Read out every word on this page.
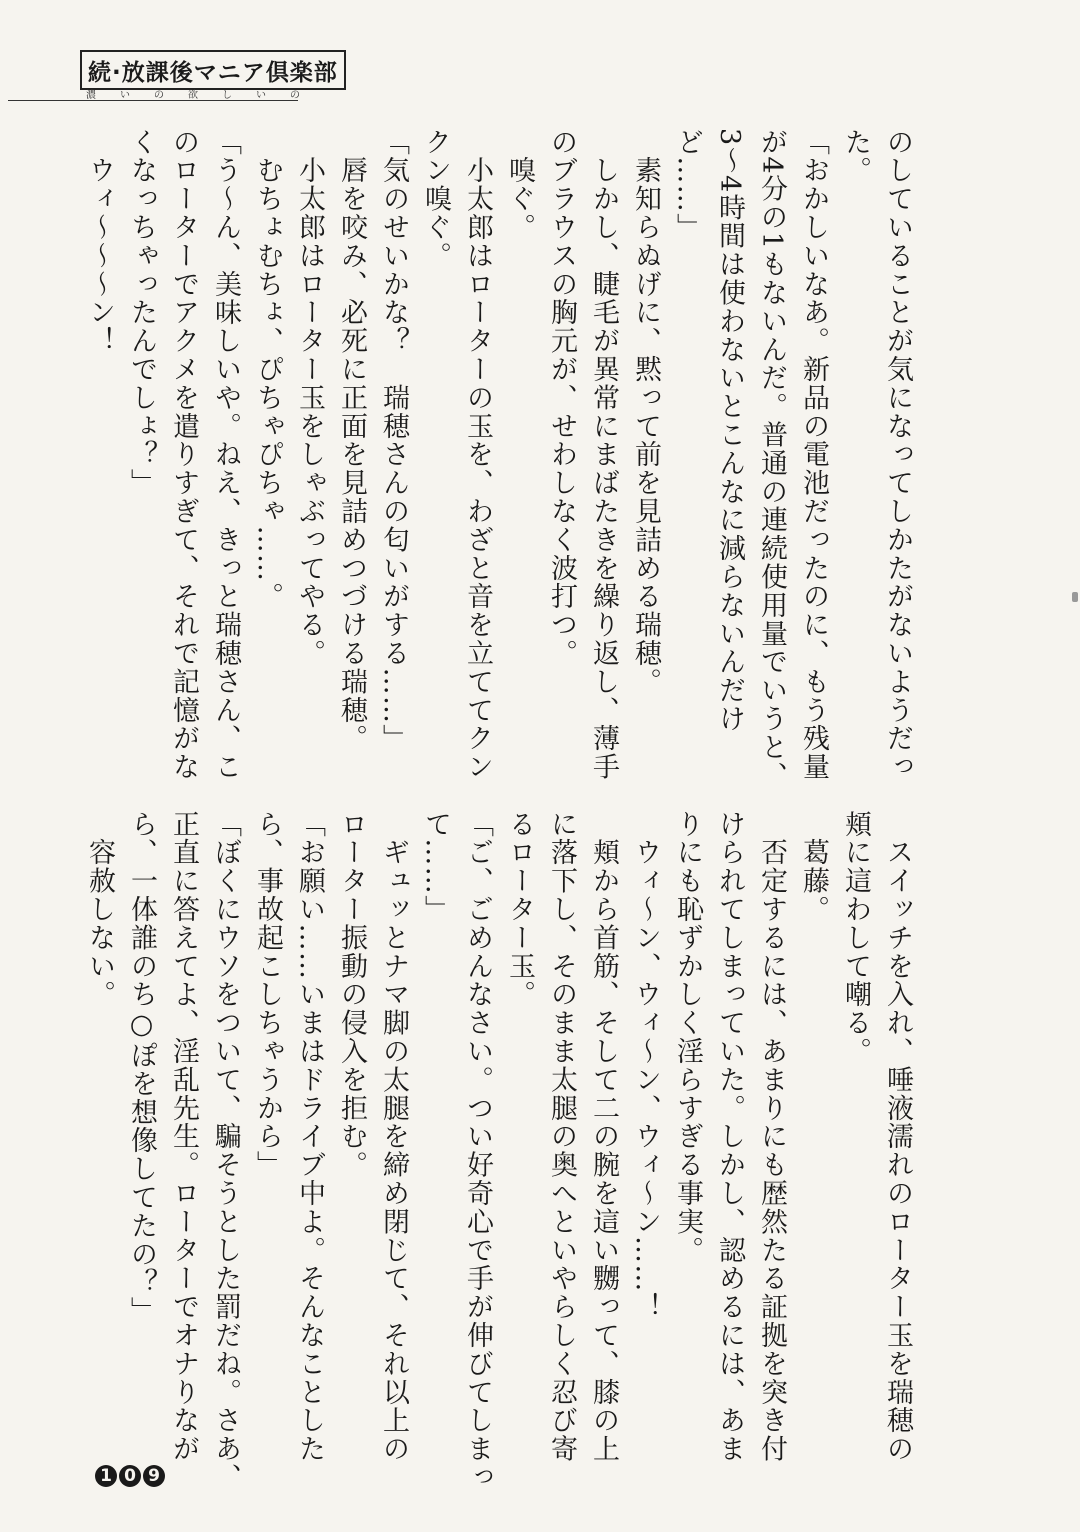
続·放課後マニア倶楽部
濃いの欲しいの
のしていることが気になってしかたがないようだっ
た。
「おかしいなあ。新品の電池だったのに、もう残量
が4分の1もないんだ。普通の連続使用量でいうと、
3～4時間は使わないとこんなに減らないんだけ
ど……」
　素知らぬげに、黙って前を見詰める瑞穂。
　しかし、睫毛が異常にまばたきを繰り返し、薄手
のブラウスの胸元が、せわしなく波打つ。
　嗅ぐ。
　小太郎はローターの玉を、わざと音を立ててクン
クン嗅ぐ。
「気のせいかな？　瑞穂さんの匂いがする……」
　唇を咬み、必死に正面を見詰めつづける瑞穂。
　小太郎はローター玉をしゃぶってやる。
　むちょむちょ、ぴちゃぴちゃ……。
「う～ん、美味しいや。ねえ、きっと瑞穂さん、こ
のローターでアクメを遣りすぎて、それで記憶がな
くなっちゃったんでしょ？」
　ウィ～～～ン！
　スイッチを入れ、唾液濡れのローター玉を瑞穂の
頬に這わして嘲る。
　葛藤。
　否定するには、あまりにも歴然たる証拠を突き付
けられてしまっていた。しかし、認めるには、あま
りにも恥ずかしく淫らすぎる事実。
　ウィ～ン、ウィ～ン、ウィ～ン……！
　頬から首筋、そして二の腕を這い嬲って、膝の上
に落下し、そのまま太腿の奥へといやらしく忍び寄
るローター玉。
「ご、ごめんなさい。つい好奇心で手が伸びてしまっ
て……」
　ギュッとナマ脚の太腿を締め閉じて、それ以上の
ローター振動の侵入を拒む。
「お願い……いまはドライブ中よ。そんなことした
ら、事故起こしちゃうから」
「ぼくにウソをついて、騙そうとした罰だね。さあ、
正直に答えてよ、淫乱先生。ローターでオナりなが
ら、一体誰のち○ぽを想像してたの？」
　容赦しない。
1 0 9
